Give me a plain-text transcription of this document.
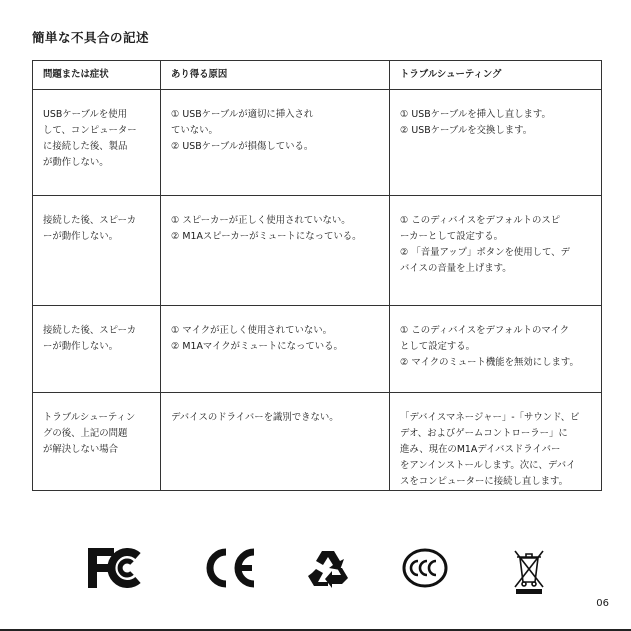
簡単な不具合の記述
問題または症状	あり得る原因	トラブルシューティング

USBケーブルを使用
して、コンピューター
に接続した後、製品
が動作しない。	① USBケーブルが適切に挿入され
ていない。
② USBケーブルが損傷している。	① USBケーブルを挿入し直します。
② USBケーブルを交換します。

接続した後、スピーカ
ーが動作しない。	① スピーカーが正しく使用されていない。
② M1Aスピーカーがミュートになっている。	① このディバイスをデフォルトのスピ
ーカーとして設定する。
② 「音量アップ」ボタンを使用して、デ
バイスの音量を上げます。

接続した後、スピーカ
ーが動作しない。	① マイクが正しく使用されていない。
② M1Aマイクがミュートになっている。	① このディバイスをデフォルトのマイク
として設定する。
② マイクのミュート機能を無効にします。

トラブルシューティン
グの後、上記の問題
が解決しない場合	デバイスのドライバーを識別できない。	「デバイスマネージャー」-「サウンド、ビ
デオ、およびゲームコントローラー」に
進み、現在のM1Aデイバスドライバー
をアンインストールします。次に、デバイ
スをコンピューターに接続し直します。
06
